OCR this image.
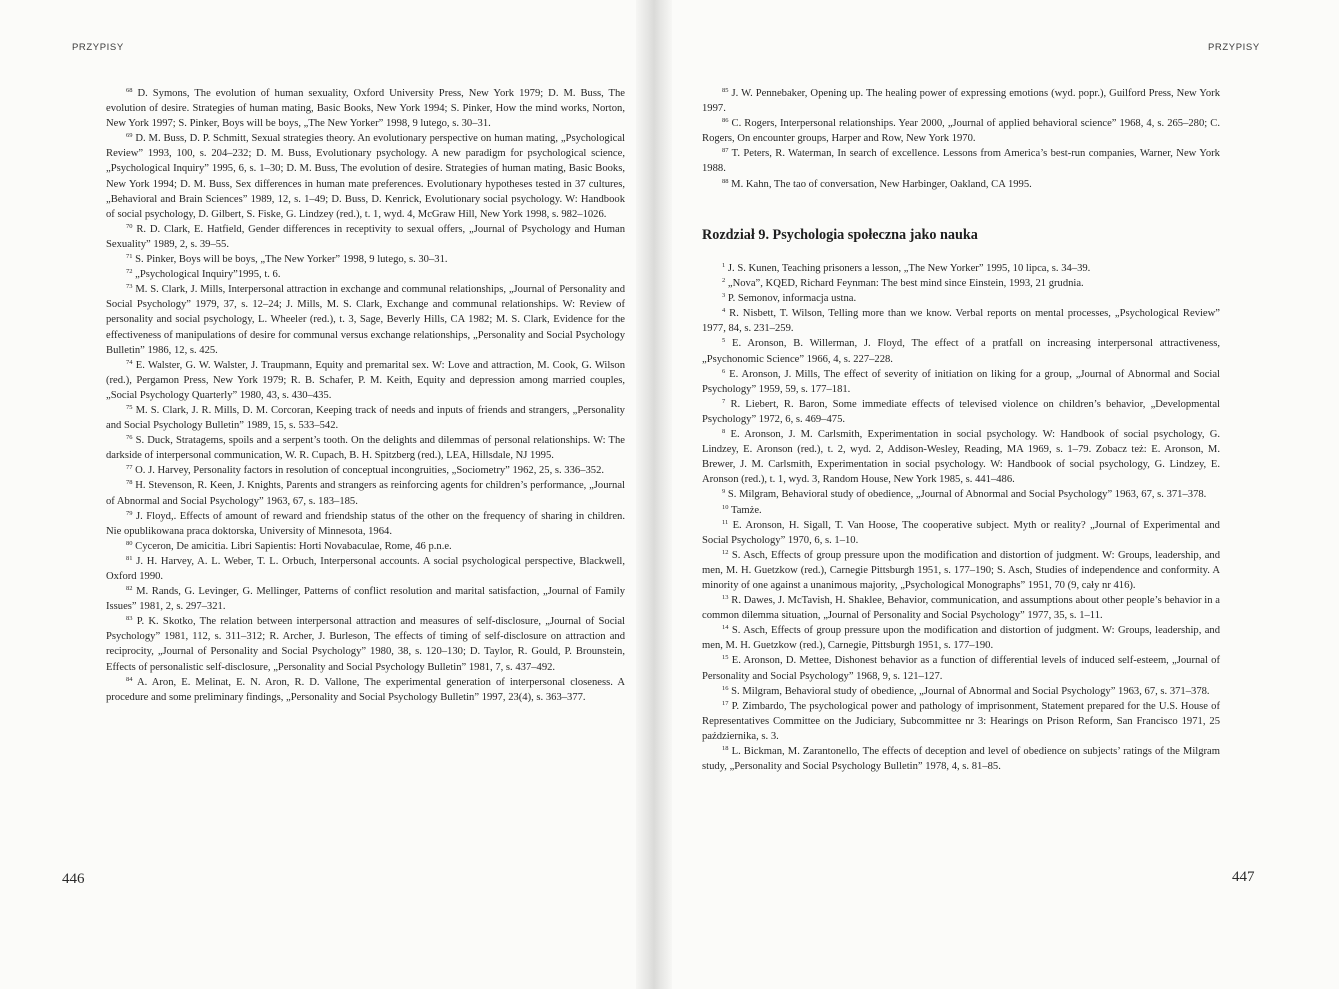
PRZYPISY

$^{68}$ D. Symons, The evolution of human sexuality, Oxford University Press, New York 1979; D. M. Buss, The evolution of desire. Strategies of human mating, Basic Books, New York 1994; S. Pinker, How the mind works, Norton, New York 1997; S. Pinker, Boys will be boys, „The New Yorker” 1998, 9 lutego, s. 30–31.

$^{69}$ D. M. Buss, D. P. Schmitt, Sexual strategies theory. An evolutionary perspective on human mating, „Psychological Review” 1993, 100, s. 204–232; D. M. Buss, Evolutionary psychology. A new paradigm for psychological science, „Psychological Inquiry” 1995, 6, s. 1–30; D. M. Buss, The evolution of desire. Strategies of human mating, Basic Books, New York 1994; D. M. Buss, Sex differences in human mate preferences. Evolutionary hypotheses tested in 37 cultures, „Behavioral and Brain Sciences” 1989, 12, s. 1–49; D. Buss, D. Kenrick, Evolutionary social psychology. W: Handbook of social psychology, D. Gilbert, S. Fiske, G. Lindzey (red.), t. 1, wyd. 4, McGraw Hill, New York 1998, s. 982–1026.

$^{70}$ R. D. Clark, E. Hatfield, Gender differences in receptivity to sexual offers, „Journal of Psychology and Human Sexuality” 1989, 2, s. 39–55.

$^{71}$ S. Pinker, Boys will be boys, „The New Yorker” 1998, 9 lutego, s. 30–31.

$^{72}$ „Psychological Inquiry”1995, t. 6.

$^{73}$ M. S. Clark, J. Mills, Interpersonal attraction in exchange and communal relationships, „Journal of Personality and Social Psychology” 1979, 37, s. 12–24; J. Mills, M. S. Clark, Exchange and communal relationships. W: Review of personality and social psychology, L. Wheeler (red.), t. 3, Sage, Beverly Hills, CA 1982; M. S. Clark, Evidence for the effectiveness of manipulations of desire for communal versus exchange relationships, „Personality and Social Psychology Bulletin” 1986, 12, s. 425.

$^{74}$ E. Walster, G. W. Walster, J. Traupmann, Equity and premarital sex. W: Love and attraction, M. Cook, G. Wilson (red.), Pergamon Press, New York 1979; R. B. Schafer, P. M. Keith, Equity and depression among married couples, „Social Psychology Quarterly” 1980, 43, s. 430–435.

$^{75}$ M. S. Clark, J. R. Mills, D. M. Corcoran, Keeping track of needs and inputs of friends and strangers, „Personality and Social Psychology Bulletin” 1989, 15, s. 533–542.

$^{76}$ S. Duck, Stratagems, spoils and a serpent’s tooth. On the delights and dilemmas of personal relationships. W: The darkside of interpersonal communication, W. R. Cupach, B. H. Spitzberg (red.), LEA, Hillsdale, NJ 1995.

$^{77}$ O. J. Harvey, Personality factors in resolution of conceptual incongruities, „Sociometry” 1962, 25, s. 336–352.

$^{78}$ H. Stevenson, R. Keen, J. Knights, Parents and strangers as reinforcing agents for children’s performance, „Journal of Abnormal and Social Psychology” 1963, 67, s. 183–185.

$^{79}$ J. Floyd,. Effects of amount of reward and friendship status of the other on the frequency of sharing in children. Nie opublikowana praca doktorska, University of Minnesota, 1964.

$^{80}$ Cyceron, De amicitia. Libri Sapientis: Horti Novabaculae, Rome, 46 p.n.e.

$^{81}$ J. H. Harvey, A. L. Weber, T. L. Orbuch, Interpersonal accounts. A social psychological perspective, Blackwell, Oxford 1990.

$^{82}$ M. Rands, G. Levinger, G. Mellinger, Patterns of conflict resolution and marital satisfaction, „Journal of Family Issues” 1981, 2, s. 297–321.

$^{83}$ P. K. Skotko, The relation between interpersonal attraction and measures of self-disclosure, „Journal of Social Psychology” 1981, 112, s. 311–312; R. Archer, J. Burleson, The effects of timing of self-disclosure on attraction and reciprocity, „Journal of Personality and Social Psychology” 1980, 38, s. 120–130; D. Taylor, R. Gould, P. Brounstein, Effects of personalistic self-disclosure, „Personality and Social Psychology Bulletin” 1981, 7, s. 437–492.

$^{84}$ A. Aron, E. Melinat, E. N. Aron, R. D. Vallone, The experimental generation of interpersonal closeness. A procedure and some preliminary findings, „Personality and Social Psychology Bulletin” 1997, 23(4), s. 363–377.

446
PRZYPISY

$^{85}$ J. W. Pennebaker, Opening up. The healing power of expressing emotions (wyd. popr.), Guilford Press, New York 1997.

$^{86}$ C. Rogers, Interpersonal relationships. Year 2000, „Journal of applied behavioral science” 1968, 4, s. 265–280; C. Rogers, On encounter groups, Harper and Row, New York 1970.

$^{87}$ T. Peters, R. Waterman, In search of excellence. Lessons from America’s best-run companies, Warner, New York 1988.

$^{88}$ M. Kahn, The tao of conversation, New Harbinger, Oakland, CA 1995.

Rozdział 9. Psychologia społeczna jako nauka

$^1$ J. S. Kunen, Teaching prisoners a lesson, „The New Yorker” 1995, 10 lipca, s. 34–39.

$^2$ „Nova”, KQED, Richard Feynman: The best mind since Einstein, 1993, 21 grudnia.

$^3$ P. Semonov, informacja ustna.

$^4$ R. Nisbett, T. Wilson, Telling more than we know. Verbal reports on mental processes, „Psychological Review” 1977, 84, s. 231–259.

$^5$ E. Aronson, B. Willerman, J. Floyd, The effect of a pratfall on increasing interpersonal attractiveness, „Psychonomic Science” 1966, 4, s. 227–228.

$^6$ E. Aronson, J. Mills, The effect of severity of initiation on liking for a group, „Journal of Abnormal and Social Psychology” 1959, 59, s. 177–181.

$^7$ R. Liebert, R. Baron, Some immediate effects of televised violence on children’s behavior, „Developmental Psychology” 1972, 6, s. 469–475.

$^8$ E. Aronson, J. M. Carlsmith, Experimentation in social psychology. W: Handbook of social psychology, G. Lindzey, E. Aronson (red.), t. 2, wyd. 2, Addison-Wesley, Reading, MA 1969, s. 1–79. Zobacz też: E. Aronson, M. Brewer, J. M. Carlsmith, Experimentation in social psychology. W: Handbook of social psychology, G. Lindzey, E. Aronson (red.), t. 1, wyd. 3, Random House, New York 1985, s. 441–486.

$^9$ S. Milgram, Behavioral study of obedience, „Journal of Abnormal and Social Psychology” 1963, 67, s. 371–378.

$^{10}$ Tamże.

$^{11}$ E. Aronson, H. Sigall, T. Van Hoose, The cooperative subject. Myth or reality? „Journal of Experimental and Social Psychology” 1970, 6, s. 1–10.

$^{12}$ S. Asch, Effects of group pressure upon the modification and distortion of judgment. W: Groups, leadership, and men, M. H. Guetzkow (red.), Carnegie Pittsburgh 1951, s. 177–190; S. Asch, Studies of independence and conformity. A minority of one against a unanimous majority, „Psychological Monographs” 1951, 70 (9, cały nr 416).

$^{13}$ R. Dawes, J. McTavish, H. Shaklee, Behavior, communication, and assumptions about other people’s behavior in a common dilemma situation, „Journal of Personality and Social Psychology” 1977, 35, s. 1–11.

$^{14}$ S. Asch, Effects of group pressure upon the modification and distortion of judgment. W: Groups, leadership, and men, M. H. Guetzkow (red.), Carnegie, Pittsburgh 1951, s. 177–190.

$^{15}$ E. Aronson, D. Mettee, Dishonest behavior as a function of differential levels of induced self-esteem, „Journal of Personality and Social Psychology” 1968, 9, s. 121–127.

$^{16}$ S. Milgram, Behavioral study of obedience, „Journal of Abnormal and Social Psychology” 1963, 67, s. 371–378.

$^{17}$ P. Zimbardo, The psychological power and pathology of imprisonment, Statement prepared for the U.S. House of Representatives Committee on the Judiciary, Subcommittee nr 3: Hearings on Prison Reform, San Francisco 1971, 25 października, s. 3.

$^{18}$ L. Bickman, M. Zarantonello, The effects of deception and level of obedience on subjects’ ratings of the Milgram study, „Personality and Social Psychology Bulletin” 1978, 4, s. 81–85.

447
